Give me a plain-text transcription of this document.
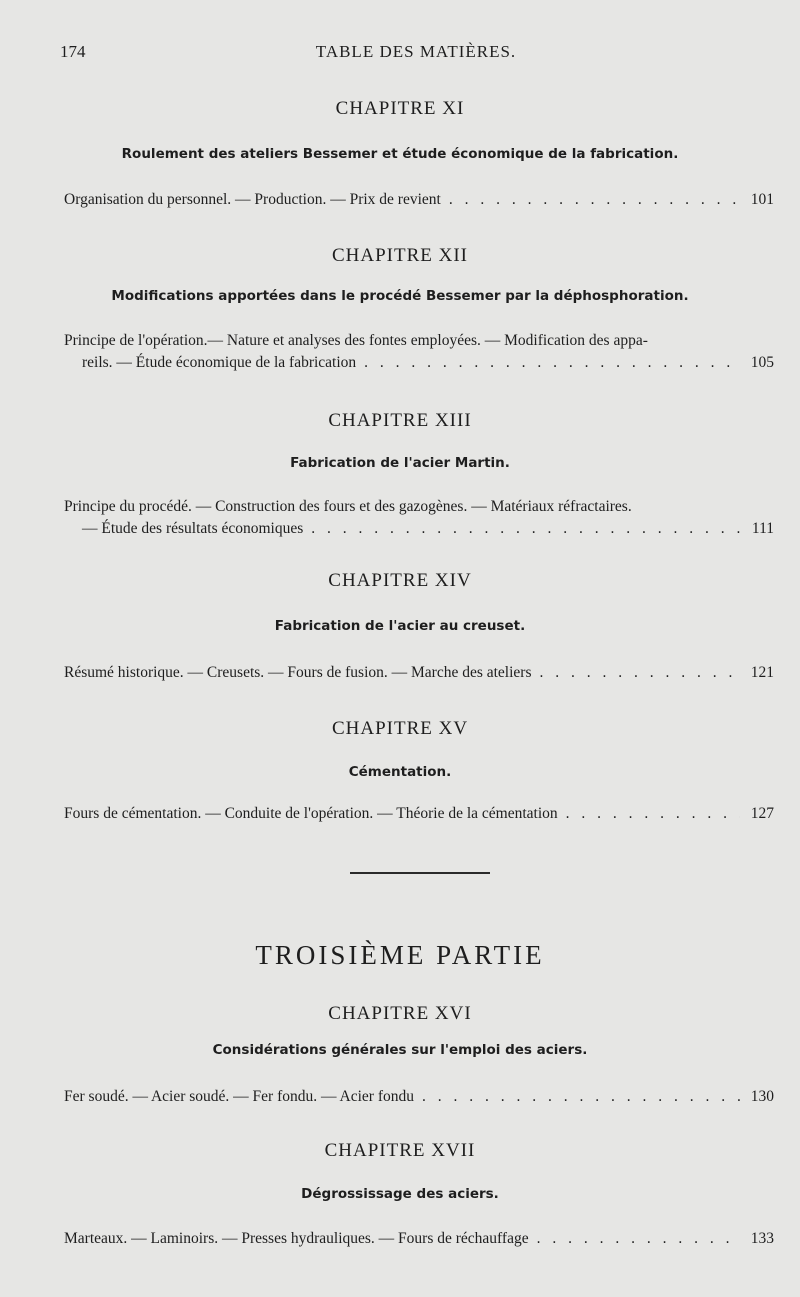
174	TABLE DES MATIÈRES.
CHAPITRE XI
Roulement des ateliers Bessemer et étude économique de la fabrication.
Organisation du personnel. — Production. — Prix de revient . . .	101
CHAPITRE XII
Modifications apportées dans le procédé Bessemer par la déphosphoration.
Principe de l'opération.— Nature et analyses des fontes employées. — Modification des appa-
reils. — Étude économique de la fabrication . . .	105
CHAPITRE XIII
Fabrication de l'acier Martin.
Principe du procédé. — Construction des fours et des gazogènes. — Matériaux réfractaires.
— Étude des résultats économiques . . .	111
CHAPITRE XIV
Fabrication de l'acier au creuset.
Résumé historique. — Creusets. — Fours de fusion. — Marche des ateliers . . .	121
CHAPITRE XV
Cémentation.
Fours de cémentation. — Conduite de l'opération. — Théorie de la cémentation . . .	127
TROISIÈME PARTIE
CHAPITRE XVI
Considérations générales sur l'emploi des aciers.
Fer soudé. — Acier soudé. — Fer fondu. — Acier fondu . . .	130
CHAPITRE XVII
Dégrossissage des aciers.
Marteaux. — Laminoirs. — Presses hydrauliques. — Fours de réchauffage . . .	133
